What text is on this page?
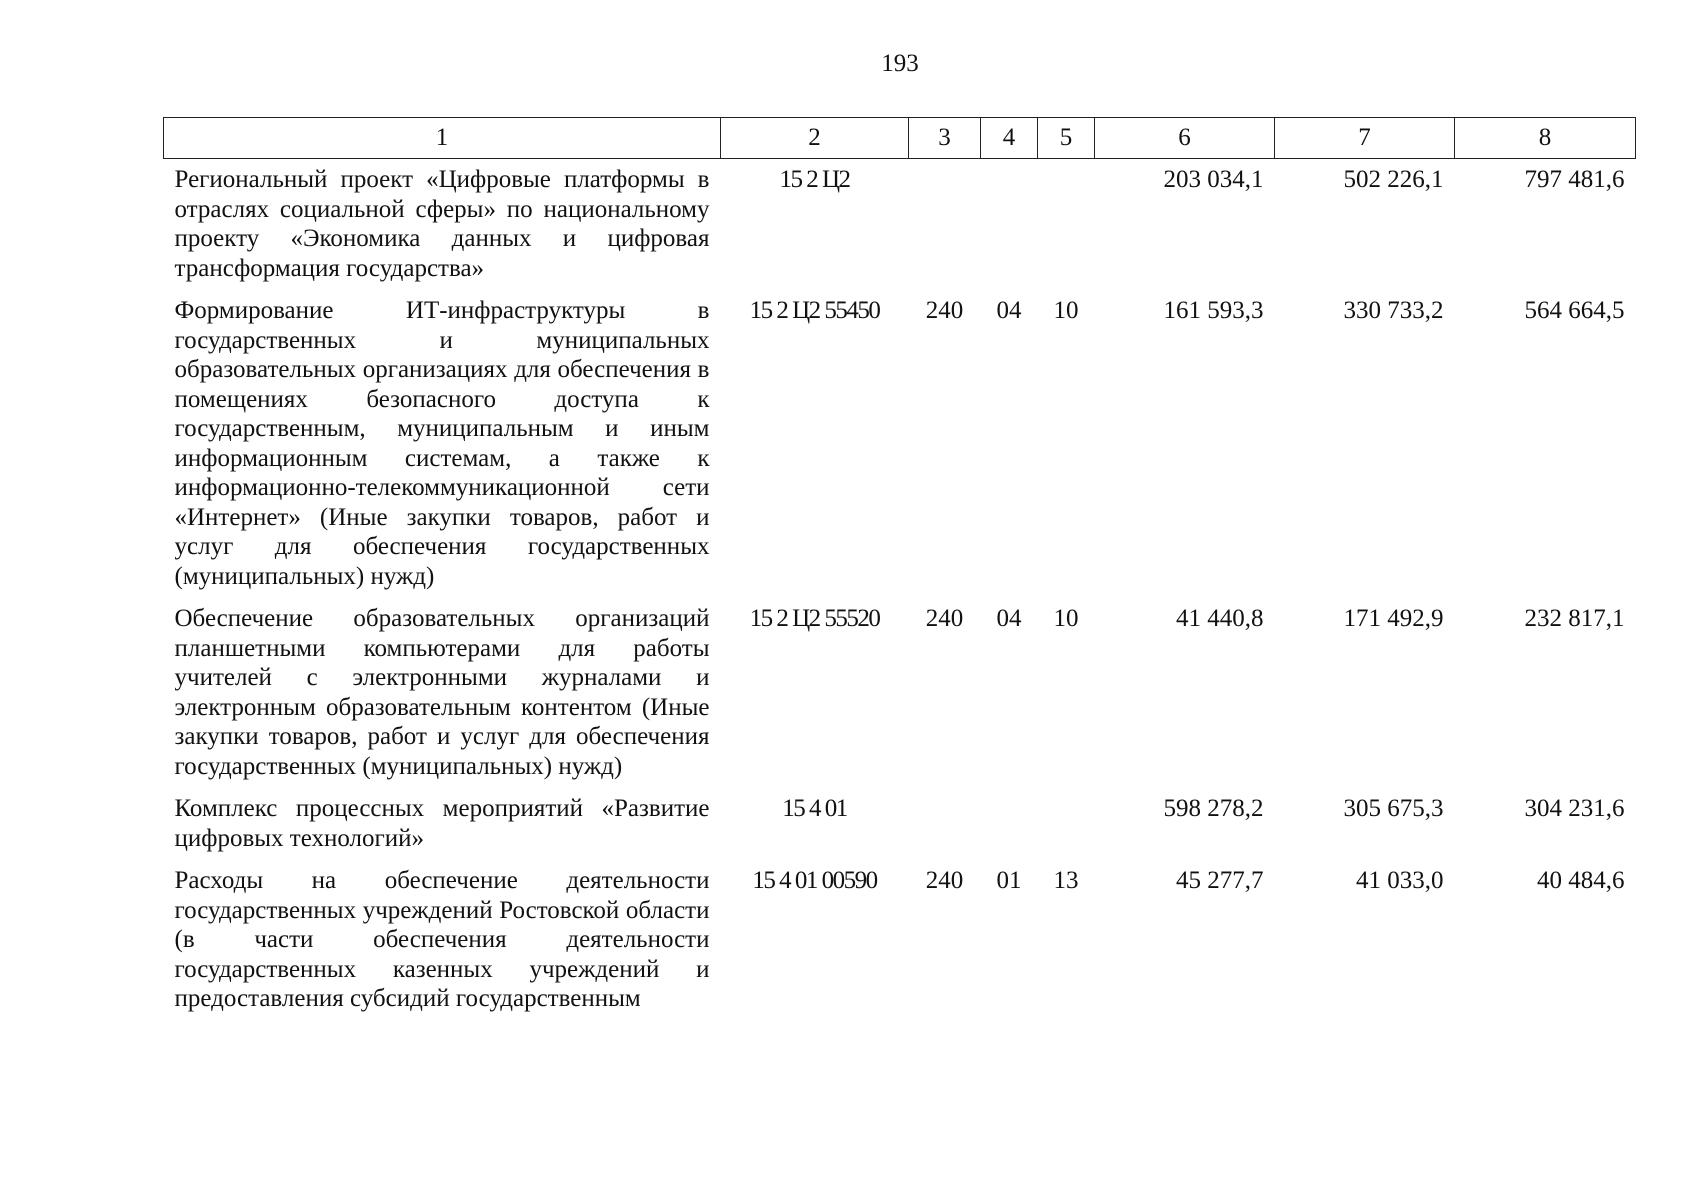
193
1	2	3	4	5	6	7	8
Региональный проект «Цифровые платформы в отраслях социальной сферы» по национальному проекту «Экономика данных и цифровая трансформация государства»	15 2 Ц2				203 034,1	502 226,1	797 481,6
Формирование ИТ-инфраструктуры в государственных и муниципальных образовательных организациях для обеспечения в помещениях безопасного доступа к государственным, муниципальным и иным информационным системам, а также к информационно-телекоммуникационной сети «Интернет» (Иные закупки товаров, работ и услуг для обеспечения государственных (муниципальных) нужд)	15 2 Ц2 55450	240	04	10	161 593,3	330 733,2	564 664,5
Обеспечение образовательных организаций планшетными компьютерами для работы учителей с электронными журналами и электронным образовательным контентом (Иные закупки товаров, работ и услуг для обеспечения государственных (муниципальных) нужд)	15 2 Ц2 55520	240	04	10	41 440,8	171 492,9	232 817,1
Комплекс процессных мероприятий «Развитие цифровых технологий»	15 4 01				598 278,2	305 675,3	304 231,6
Расходы на обеспечение деятельности государственных учреждений Ростовской области (в части обеспечения деятельности государственных казенных учреждений и предоставления субсидий государственным	15 4 01 00590	240	01	13	45 277,7	41 033,0	40 484,6
